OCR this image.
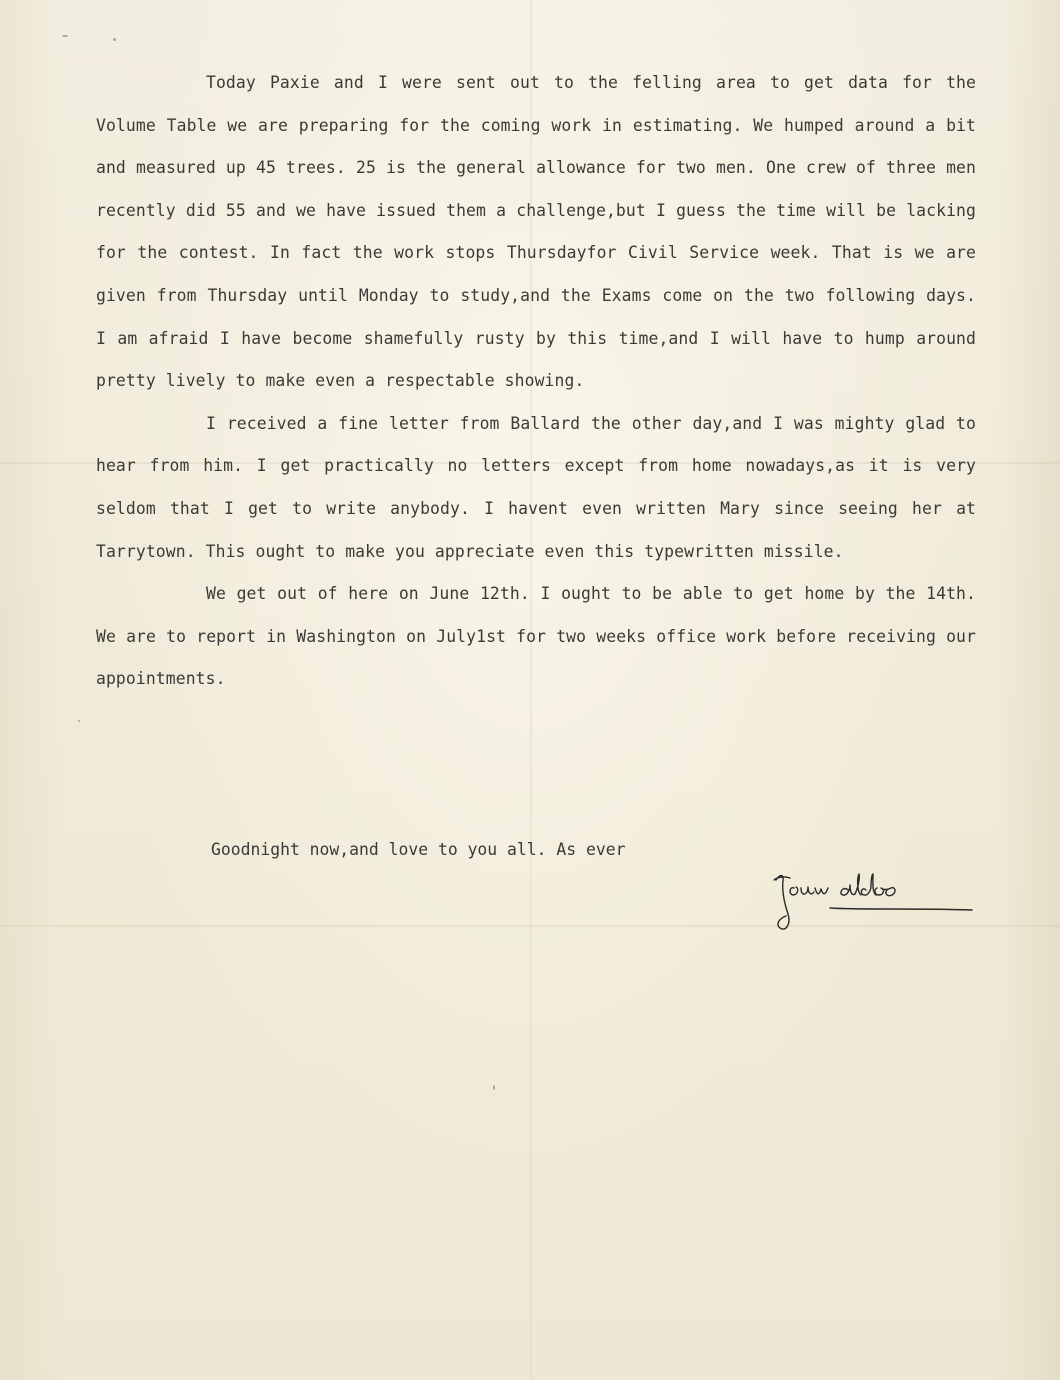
Today Paxie and I were sent out to the felling area to get data for the Volume Table we are preparing for the coming work in estimating. We humped around a bit and measured up 45 trees. 25 is the general allowance for two men. One crew of three men recently did 55 and we have issued them a challenge,but I guess the time will be lacking for the contest. In fact the work stops Thursdayfor Civil Service week. That is we are given from Thursday until Monday to study,and the Exams come on the two following days. I am afraid I have become shamefully rusty by this time,and I will have to hump around pretty lively to make even a respectable showing.

I received a fine letter from Ballard the other day,and I was mighty glad to hear from him. I get practically no letters except from home nowadays,as it is very seldom that I get to write anybody. I havent even written Mary since seeing her at Tarrytown. This ought to make you appreciate even this typewritten missile.

We get out of here on June 12th. I ought to be able to get home by the 14th. We are to report in Washington on July1st for two weeks office work before receiving our appointments.

Goodnight now,and love to you all. As ever
Your Aldo
